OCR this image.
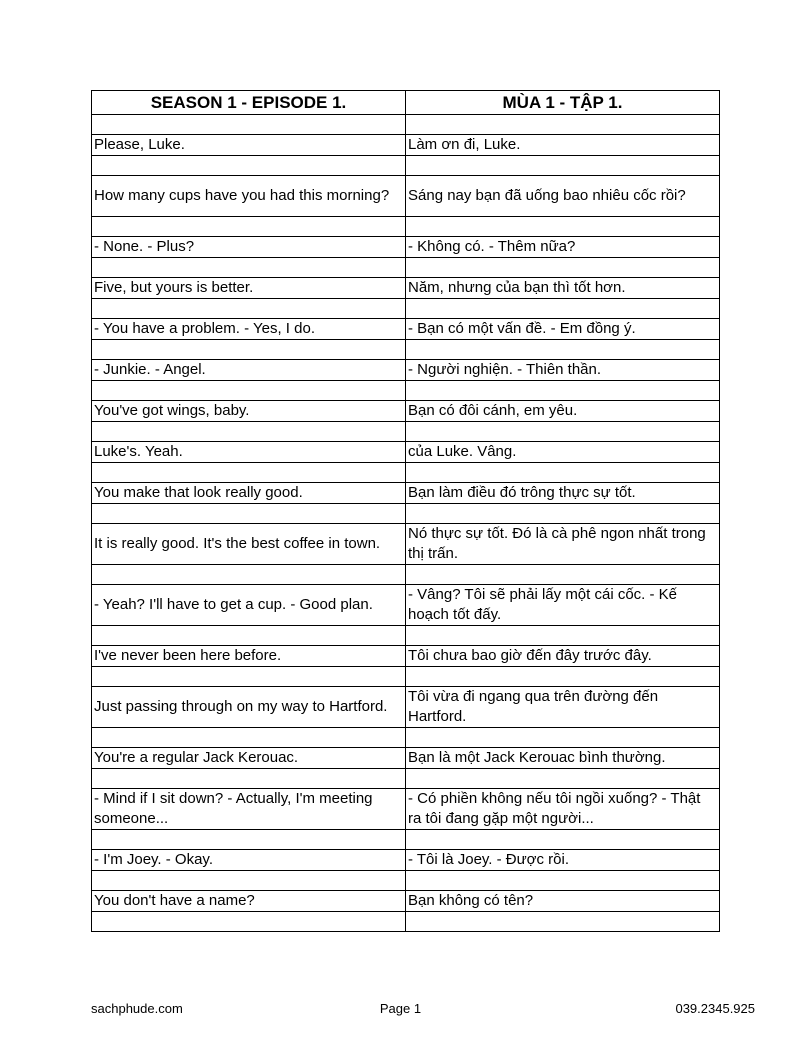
SEASON 1 - EPISODE 1.	MÙA 1 - TẬP 1.

Please, Luke.	Làm ơn đi, Luke.

How many cups have you had this morning?	Sáng nay bạn đã uống bao nhiêu cốc rồi?

- None. - Plus?	- Không có. - Thêm nữa?

Five, but yours is better.	Năm, nhưng của bạn thì tốt hơn.

- You have a problem. - Yes, I do.	- Bạn có một vấn đề. - Em đồng ý.

- Junkie. - Angel.	- Người nghiện. - Thiên thần.

You've got wings, baby.	Bạn có đôi cánh, em yêu.

Luke's. Yeah.	của Luke. Vâng.

You make that look really good.	Bạn làm điều đó trông thực sự tốt.

It is really good. It's the best coffee in town.	Nó thực sự tốt. Đó là cà phê ngon nhất trong thị trấn.

- Yeah? I'll have to get a cup. - Good plan.	- Vâng? Tôi sẽ phải lấy một cái cốc. - Kế hoạch tốt đấy.

I've never been here before.	Tôi chưa bao giờ đến đây trước đây.

Just passing through on my way to Hartford.	Tôi vừa đi ngang qua trên đường đến Hartford.

You're a regular Jack Kerouac.	Bạn là một Jack Kerouac bình thường.

- Mind if I sit down? - Actually, I'm meeting someone...	- Có phiền không nếu tôi ngồi xuống? - Thật ra tôi đang gặp một người...

- I'm Joey. - Okay.	- Tôi là Joey. - Được rồi.

You don't have a name?	Bạn không có tên?

sachphude.com	Page 1	039.2345.925
